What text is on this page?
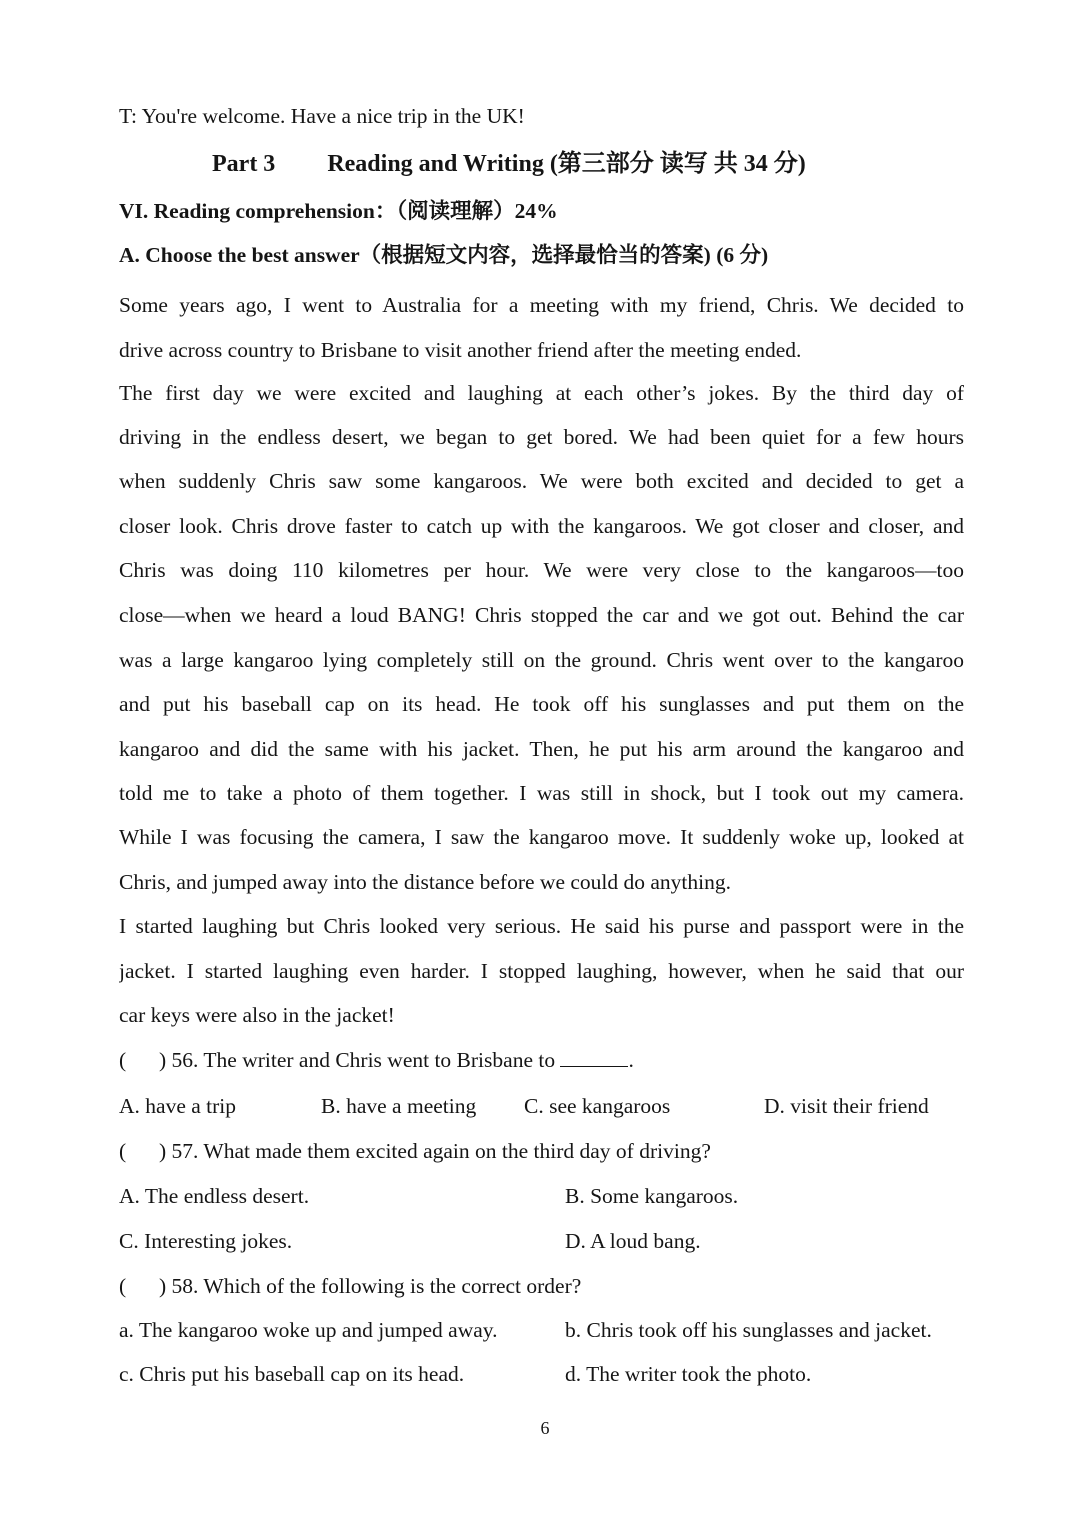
T: You're welcome. Have a nice trip in the UK!
Part 3 Reading and Writing (第三部分 读写 共 34 分)
VI. Reading comprehension：（阅读理解）24%
A. Choose the best answer（根据短文内容，选择最恰当的答案) (6 分)
Some years ago, I went to Australia for a meeting with my friend, Chris. We decided to
drive across country to Brisbane to visit another friend after the meeting ended.
The first day we were excited and laughing at each other’s jokes. By the third day of
driving in the endless desert, we began to get bored. We had been quiet for a few hours
when suddenly Chris saw some kangaroos. We were both excited and decided to get a
closer look. Chris drove faster to catch up with the kangaroos. We got closer and closer, and
Chris was doing 110 kilometres per hour. We were very close to the kangaroos—too
close—when we heard a loud BANG! Chris stopped the car and we got out. Behind the car
was a large kangaroo lying completely still on the ground. Chris went over to the kangaroo
and put his baseball cap on its head. He took off his sunglasses and put them on the
kangaroo and did the same with his jacket. Then, he put his arm around the kangaroo and
told me to take a photo of them together. I was still in shock, but I took out my camera.
While I was focusing the camera, I saw the kangaroo move. It suddenly woke up, looked at
Chris, and jumped away into the distance before we could do anything.
I started laughing but Chris looked very serious. He said his purse and passport were in the
jacket. I started laughing even harder. I stopped laughing, however, when he said that our
car keys were also in the jacket!
( ) 56. The writer and Chris went to Brisbane to	.
A. have a trip	B. have a meeting C. see kangaroos	D. visit their friend
( ) 57. What made them excited again on the third day of driving?
A. The endless desert.	B. Some kangaroos.
C. Interesting jokes.	D. A loud bang.
( ) 58. Which of the following is the correct order?
a. The kangaroo woke up and jumped away.	b. Chris took off his sunglasses and jacket.
c. Chris put his baseball cap on its head.	d. The writer took the photo.
6
